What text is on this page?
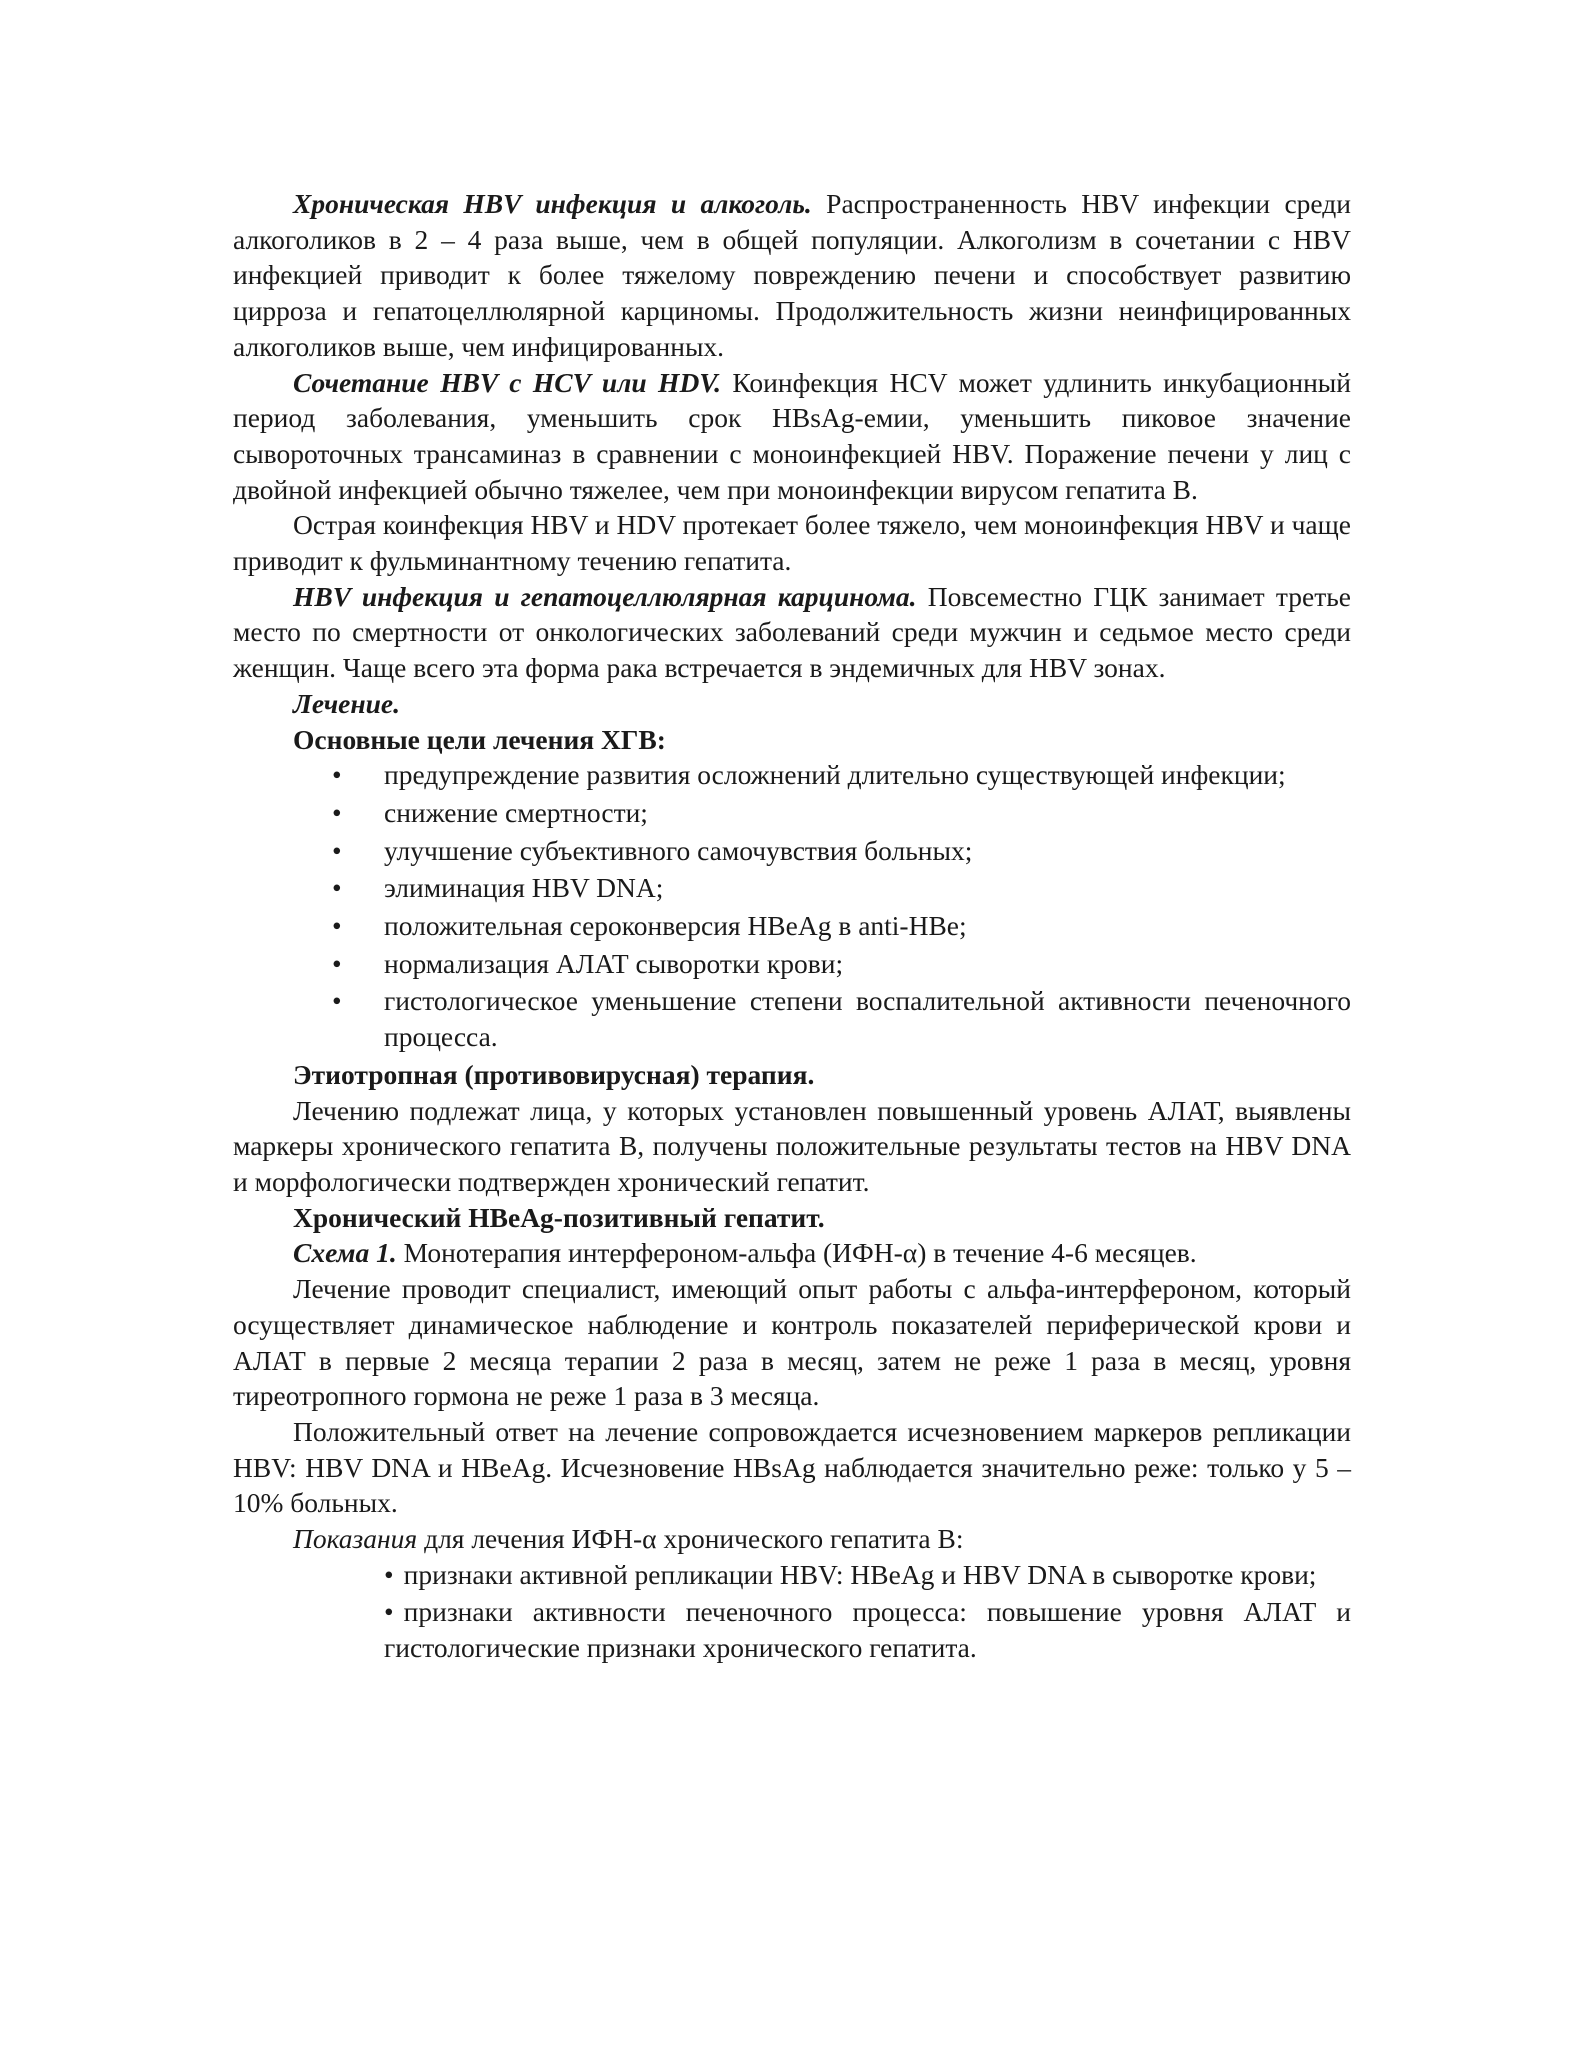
Хроническая HBV инфекция и алкоголь. Распространенность HBV инфекции среди алкоголиков в 2 – 4 раза выше, чем в общей популяции. Алкоголизм в сочетании с HBV инфекцией приводит к более тяжелому повреждению печени и способствует развитию цирроза и гепатоцеллюлярной карциномы. Продолжительность жизни неинфицированных алкоголиков выше, чем инфицированных.

Сочетание HBV с HCV или HDV. Коинфекция HCV может удлинить инкубационный период заболевания, уменьшить срок HBsAg-емии, уменьшить пиковое значение сывороточных трансаминаз в сравнении с моноинфекцией HBV. Поражение печени у лиц с двойной инфекцией обычно тяжелее, чем при моноинфекции вирусом гепатита В.

Острая коинфекция HBV и HDV протекает более тяжело, чем моноинфекция HBV и чаще приводит к фульминантному течению гепатита.

HBV инфекция и гепатоцеллюлярная карцинома. Повсеместно ГЦК занимает третье место по смертности от онкологических заболеваний среди мужчин и седьмое место среди женщин. Чаще всего эта форма рака встречается в эндемичных для HBV зонах.

Лечение.
Основные цели лечения ХГВ:
• предупреждение развития осложнений длительно существующей инфекции;
• снижение смертности;
• улучшение субъективного самочувствия больных;
• элиминация HBV DNA;
• положительная сероконверсия HBeAg в anti-HBe;
• нормализация АЛАТ сыворотки крови;
• гистологическое уменьшение степени воспалительной активности печеночного процесса.
Этиотропная (противовирусная) терапия.

Лечению подлежат лица, у которых установлен повышенный уровень АЛАТ, выявлены маркеры хронического гепатита В, получены положительные результаты тестов на HBV DNA и морфологически подтвержден хронический гепатит.

Хронический HBeAg-позитивный гепатит.

Схема 1. Монотерапия интерфероном-альфа (ИФН-α) в течение 4-6 месяцев.

Лечение проводит специалист, имеющий опыт работы с альфа-интерфероном, который осуществляет динамическое наблюдение и контроль показателей периферической крови и АЛАТ в первые 2 месяца терапии 2 раза в месяц, затем не реже 1 раза в месяц, уровня тиреотропного гормона не реже 1 раза в 3 месяца.

Положительный ответ на лечение сопровождается исчезновением маркеров репликации HBV: HBV DNA и HBeAg. Исчезновение HBsAg наблюдается значительно реже: только у 5 – 10% больных.

Показания для лечения ИФН-α хронического гепатита В:

• признаки активной репликации HBV: HBeAg и HBV DNA в сыворотке крови;
• признаки активности печеночного процесса: повышение уровня АЛАТ и гистологические признаки хронического гепатита.
